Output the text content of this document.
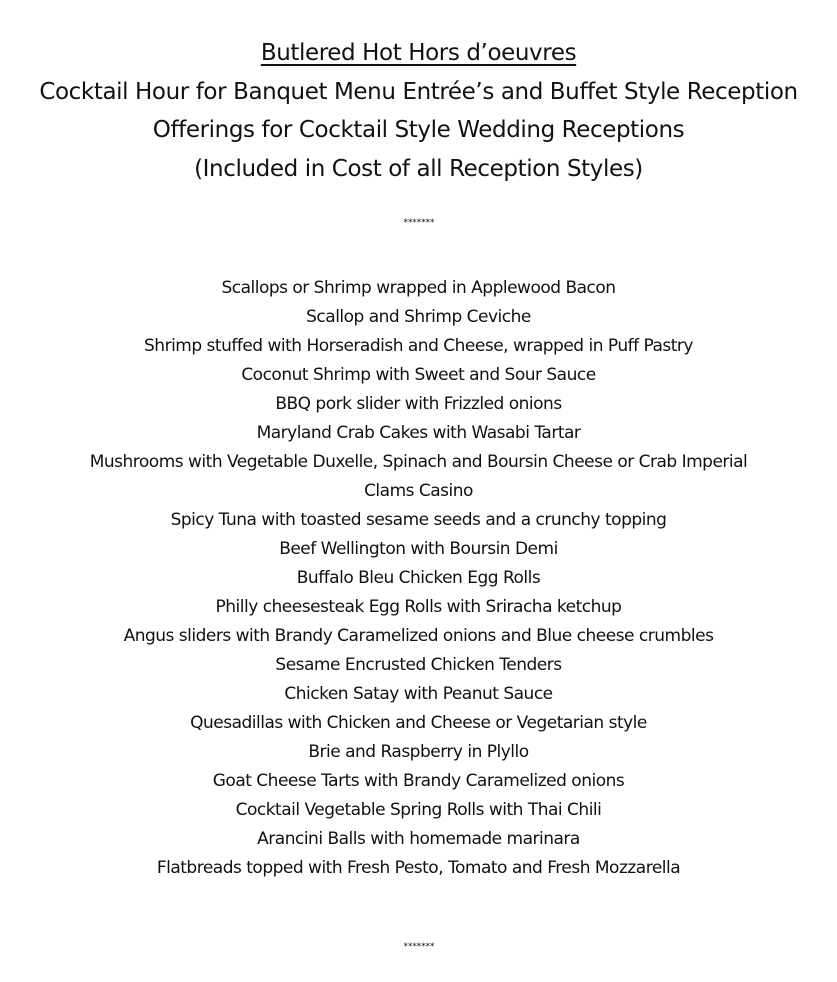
Butlered Hot Hors d’oeuvres
Cocktail Hour for Banquet Menu Entrée’s and Buffet Style Reception
Offerings for Cocktail Style Wedding Receptions
(Included in Cost of all Reception Styles)
*******
Scallops or Shrimp wrapped in Applewood Bacon
Scallop and Shrimp Ceviche
Shrimp stuffed with Horseradish and Cheese, wrapped in Puff Pastry
Coconut Shrimp with Sweet and Sour Sauce
BBQ pork slider with Frizzled onions
Maryland Crab Cakes with Wasabi Tartar
Mushrooms with Vegetable Duxelle, Spinach and Boursin Cheese or Crab Imperial
Clams Casino
Spicy Tuna with toasted sesame seeds and a crunchy topping
Beef Wellington with Boursin Demi
Buffalo Bleu Chicken Egg Rolls
Philly cheesesteak Egg Rolls with Sriracha ketchup
Angus sliders with Brandy Caramelized onions and Blue cheese crumbles
Sesame Encrusted Chicken Tenders
Chicken Satay with Peanut Sauce
Quesadillas with Chicken and Cheese or Vegetarian style
Brie and Raspberry in Plyllo
Goat Cheese Tarts with Brandy Caramelized onions
Cocktail Vegetable Spring Rolls with Thai Chili
Arancini Balls with homemade marinara
Flatbreads topped with Fresh Pesto, Tomato and Fresh Mozzarella
*******
